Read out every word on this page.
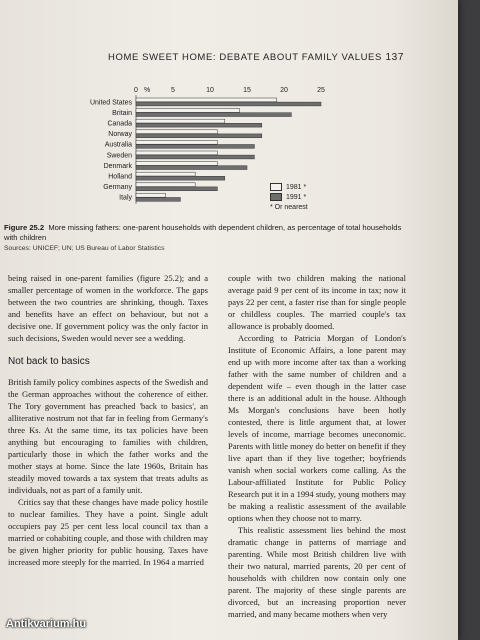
HOME SWEET HOME: DEBATE ABOUT FAMILY VALUES 137
0	5	10	15	20	25
%
United States
Britain
Canada
Norway
Australia
Sweden
Denmark
Holland
Germany
Italy
1981 *
1991 *
* Or nearest
Figure 25.2 More missing fathers: one-parent households with dependent children, as percentage of total households with children
Sources: UNICEF; UN; US Bureau of Labor Statistics

being raised in one-parent families (figure 25.2); and a smaller percentage of women in the workforce. The gaps between the two countries are shrinking, though. Taxes and benefits have an effect on behaviour, but not a decisive one. If government policy was the only factor in such decisions, Sweden would never see a wedding.

Not back to basics

British family policy combines aspects of the Swedish and the German approaches without the coherence of either. The Tory government has preached 'back to basics', an alliterative nostrum not that far in feeling from Germany's three Ks. At the same time, its tax policies have been anything but encouraging to families with children, particularly those in which the father works and the mother stays at home. Since the late 1960s, Britain has steadily moved towards a tax system that treats adults as individuals, not as part of a family unit.

Critics say that these changes have made policy hostile to nuclear families. They have a point. Single adult occupiers pay 25 per cent less local council tax than a married or cohabiting couple, and those with children may be given higher priority for public housing. Taxes have increased more steeply for the married. In 1964 a married

couple with two children making the national average paid 9 per cent of its income in tax; now it pays 22 per cent, a faster rise than for single people or childless couples. The married couple's tax allowance is probably doomed.

According to Patricia Morgan of London's Institute of Economic Affairs, a lone parent may end up with more income after tax than a working father with the same number of children and a dependent wife – even though in the latter case there is an additional adult in the house. Although Ms Morgan's conclusions have been hotly contested, there is little argument that, at lower levels of income, marriage becomes uneconomic. Parents with little money do better on benefit if they live apart than if they live together; boyfriends vanish when social workers come calling. As the Labour-affiliated Institute for Public Policy Research put it in a 1994 study, young mothers may be making a realistic assessment of the available options when they choose not to marry.

This realistic assessment lies behind the most dramatic change in patterns of marriage and parenting. While most British children live with their two natural, married parents, 20 per cent of households with children now contain only one parent. The majority of these single parents are divorced, but an increasing proportion never married, and many became mothers when very

Antikvarium.hu
